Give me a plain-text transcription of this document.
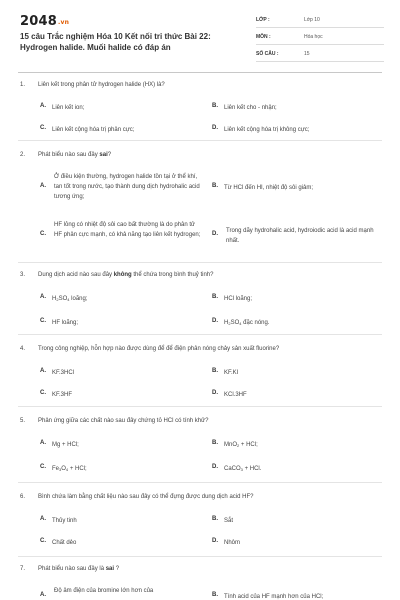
2048.vn
15 câu Trắc nghiệm Hóa 10 Kết nối tri thức Bài 22: Hydrogen halide. Muối halide có đáp án
LỚP :	Lớp 10
MÔN :	Hóa học
SỐ CÂU :	15
1. Liên kết trong phân tử hydrogen halide (HX) là?
A. Liên kết ion;	B. Liên kết cho - nhận;
C. Liên kết cộng hóa trị phân cực;	D. Liên kết cộng hóa trị không cực;
2. Phát biểu nào sau đây sai?
A.
Ở điều kiện thường, hydrogen halide tồn tại ở thể khí, tan tốt trong nước, tạo thành dung dịch hydrohalic acid tương ứng;
B. Từ HCl đến HI, nhiệt độ sôi giảm;
C.
HF lỏng có nhiệt độ sôi cao bất thường là do phân tử HF phân cực mạnh, có khả năng tạo liên kết hydrogen;	D. Trong dãy hydrohalic acid, hydroiodic acid là acid mạnh nhất.
3. Dung dịch acid nào sau đây không thể chứa trong bình thuỷ tinh?
A. $H_2SO_4$ loãng;	B. HCl loãng;
C. HF loãng;	D. $H_2SO_4$ đặc nóng.
4. Trong công nghiệp, hỗn hợp nào được dùng để để điện phân nóng chảy sản xuất fluorine?
A. KF.3HCl	B. KF.KI
C. KF.3HF	D. KCl.3HF
5. Phản ứng giữa các chất nào sau đây chứng tỏ HCl có tính khử?
A. Mg + HCl;	B. MnO$_2$ + HCl;
C. $Fe_3O_4$ + HCl;	D. CaCO$_3$ + HCl.
6. Bình chứa làm bằng chất liệu nào sau đây có thể đựng được dung dịch acid HF?
A. Thủy tinh	B. Sắt
C. Chất dẻo	D. Nhôm
7. Phát biểu nào sau đây là sai ?
A.
Độ âm điện của bromine lớn hơn của
B. Tính acid của HF mạnh hơn của HCl;
